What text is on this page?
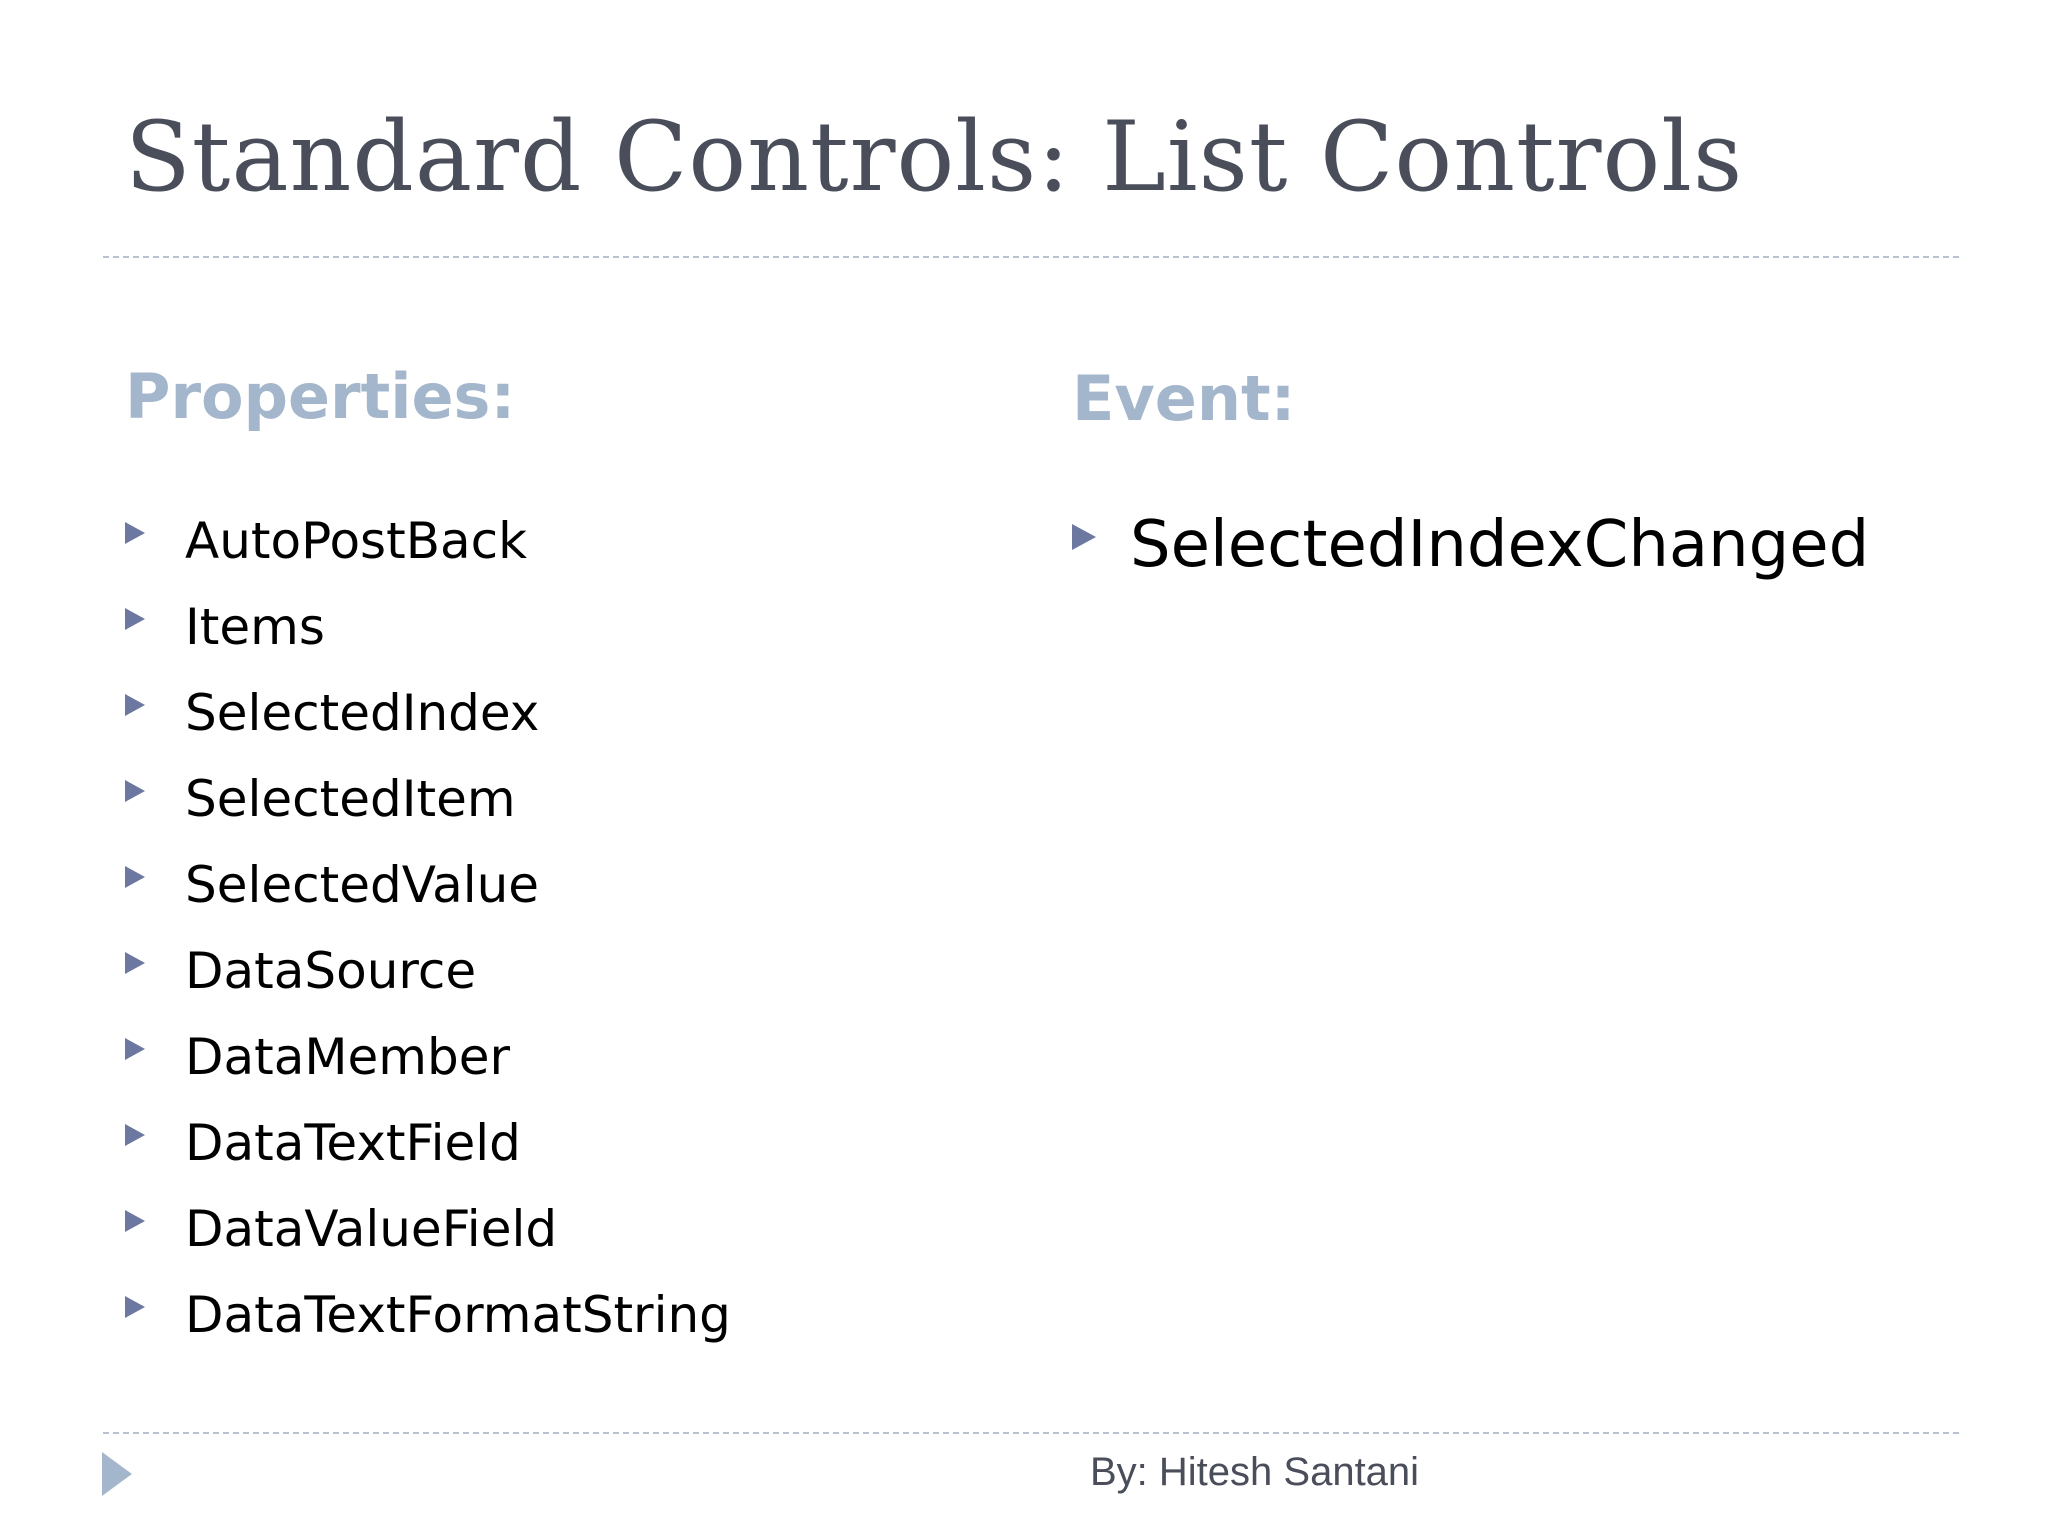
Standard Controls: List Controls
Properties:
AutoPostBack
Items
SelectedIndex
SelectedItem
SelectedValue
DataSource
DataMember
DataTextField
DataValueField
DataTextFormatString
Event:
SelectedIndexChanged
By: Hitesh Santani
